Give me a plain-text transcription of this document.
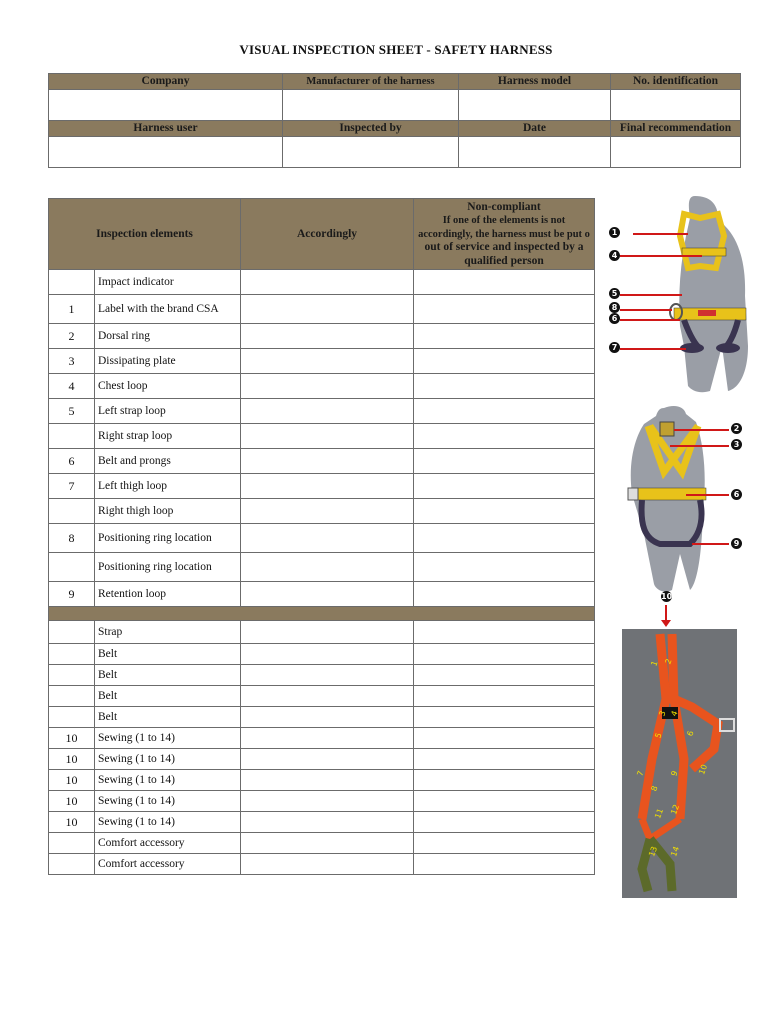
VISUAL INSPECTION SHEET - SAFETY HARNESS
Company	Manufacturer of the harness	Harness model	No. identification

Harness user	Inspected by	Date	Final recommendation

Inspection elements		Accordingly	Non-compliant
If one of the elements is not
accordingly, the harness must be put o
out of service and inspected by a
qualified person

	Impact indicator		
1	Label with the brand CSA		
2	Dorsal ring		
3	Dissipating plate		
4	Chest loop		
5	Left strap loop		
	Right strap loop		
6	Belt and prongs		
7	Left thigh loop		
	Right thigh loop		
8	Positioning ring location		
	Positioning ring location		
9	Retention loop		

	Strap		
	Belt		
	Belt		
	Belt		
	Belt		
10	Sewing (1 to 14)		
10	Sewing (1 to 14)		
10	Sewing (1 to 14)		
10	Sewing (1 to 14)		
10	Sewing (1 to 14)		
	Comfort accessory		
	Comfort accessory		
1
4
5
8
6
7
2
3
6
9
10
1 2
3 4
5	6
7
8
9 10
11 12
13 14
